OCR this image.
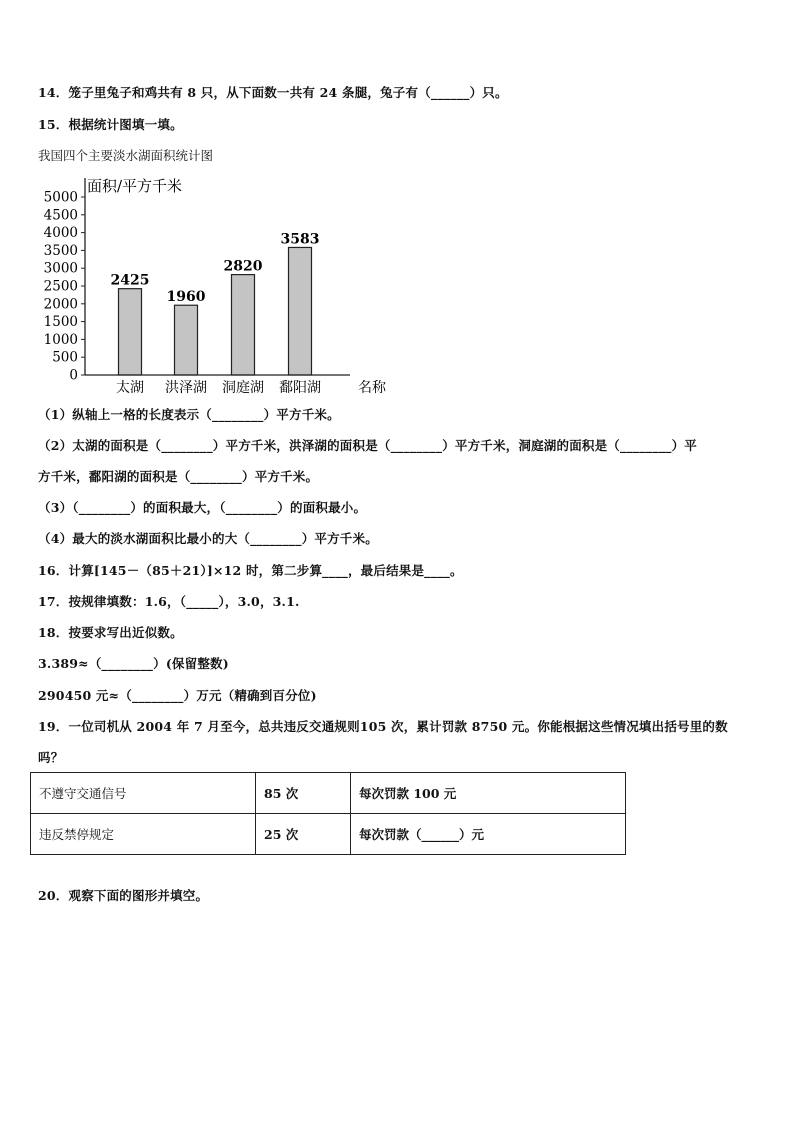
14．笼子里兔子和鸡共有 8 只，从下面数一共有 24 条腿，兔子有（______）只。
15．根据统计图填一填。
我国四个主要淡水湖面积统计图
0
500
1000
1500
2000
2500
3000
3500
4000
4500
5000
2425
1960
2820
3583
太湖 洪泽湖 洞庭湖 鄱阳湖
面积/平方千米
名称
（1）纵轴上一格的长度表示（________）平方千米。
（2）太湖的面积是（________）平方千米，洪泽湖的面积是（________）平方千米，洞庭湖的面积是（________）平
方千米，鄱阳湖的面积是（________）平方千米。
（3）（________）的面积最大，（________）的面积最小。
（4）最大的淡水湖面积比最小的大（________）平方千米。
16．计算[145－（85＋21）]×12 时，第二步算____，最后结果是____。
17．按规律填数：1.6，（_____），3.0，3.1.
18．按要求写出近似数。
3.389≈（________）(保留整数)
290450 元≈（________）万元（精确到百分位)
19．一位司机从 2004 年 7 月至今，总共违反交通规则105 次，累计罚款 8750 元。你能根据这些情况填出括号里的数
吗？
不遵守交通信号	85 次	每次罚款 100 元
违反禁停规定	25 次	每次罚款（______）元
20．观察下面的图形并填空。
